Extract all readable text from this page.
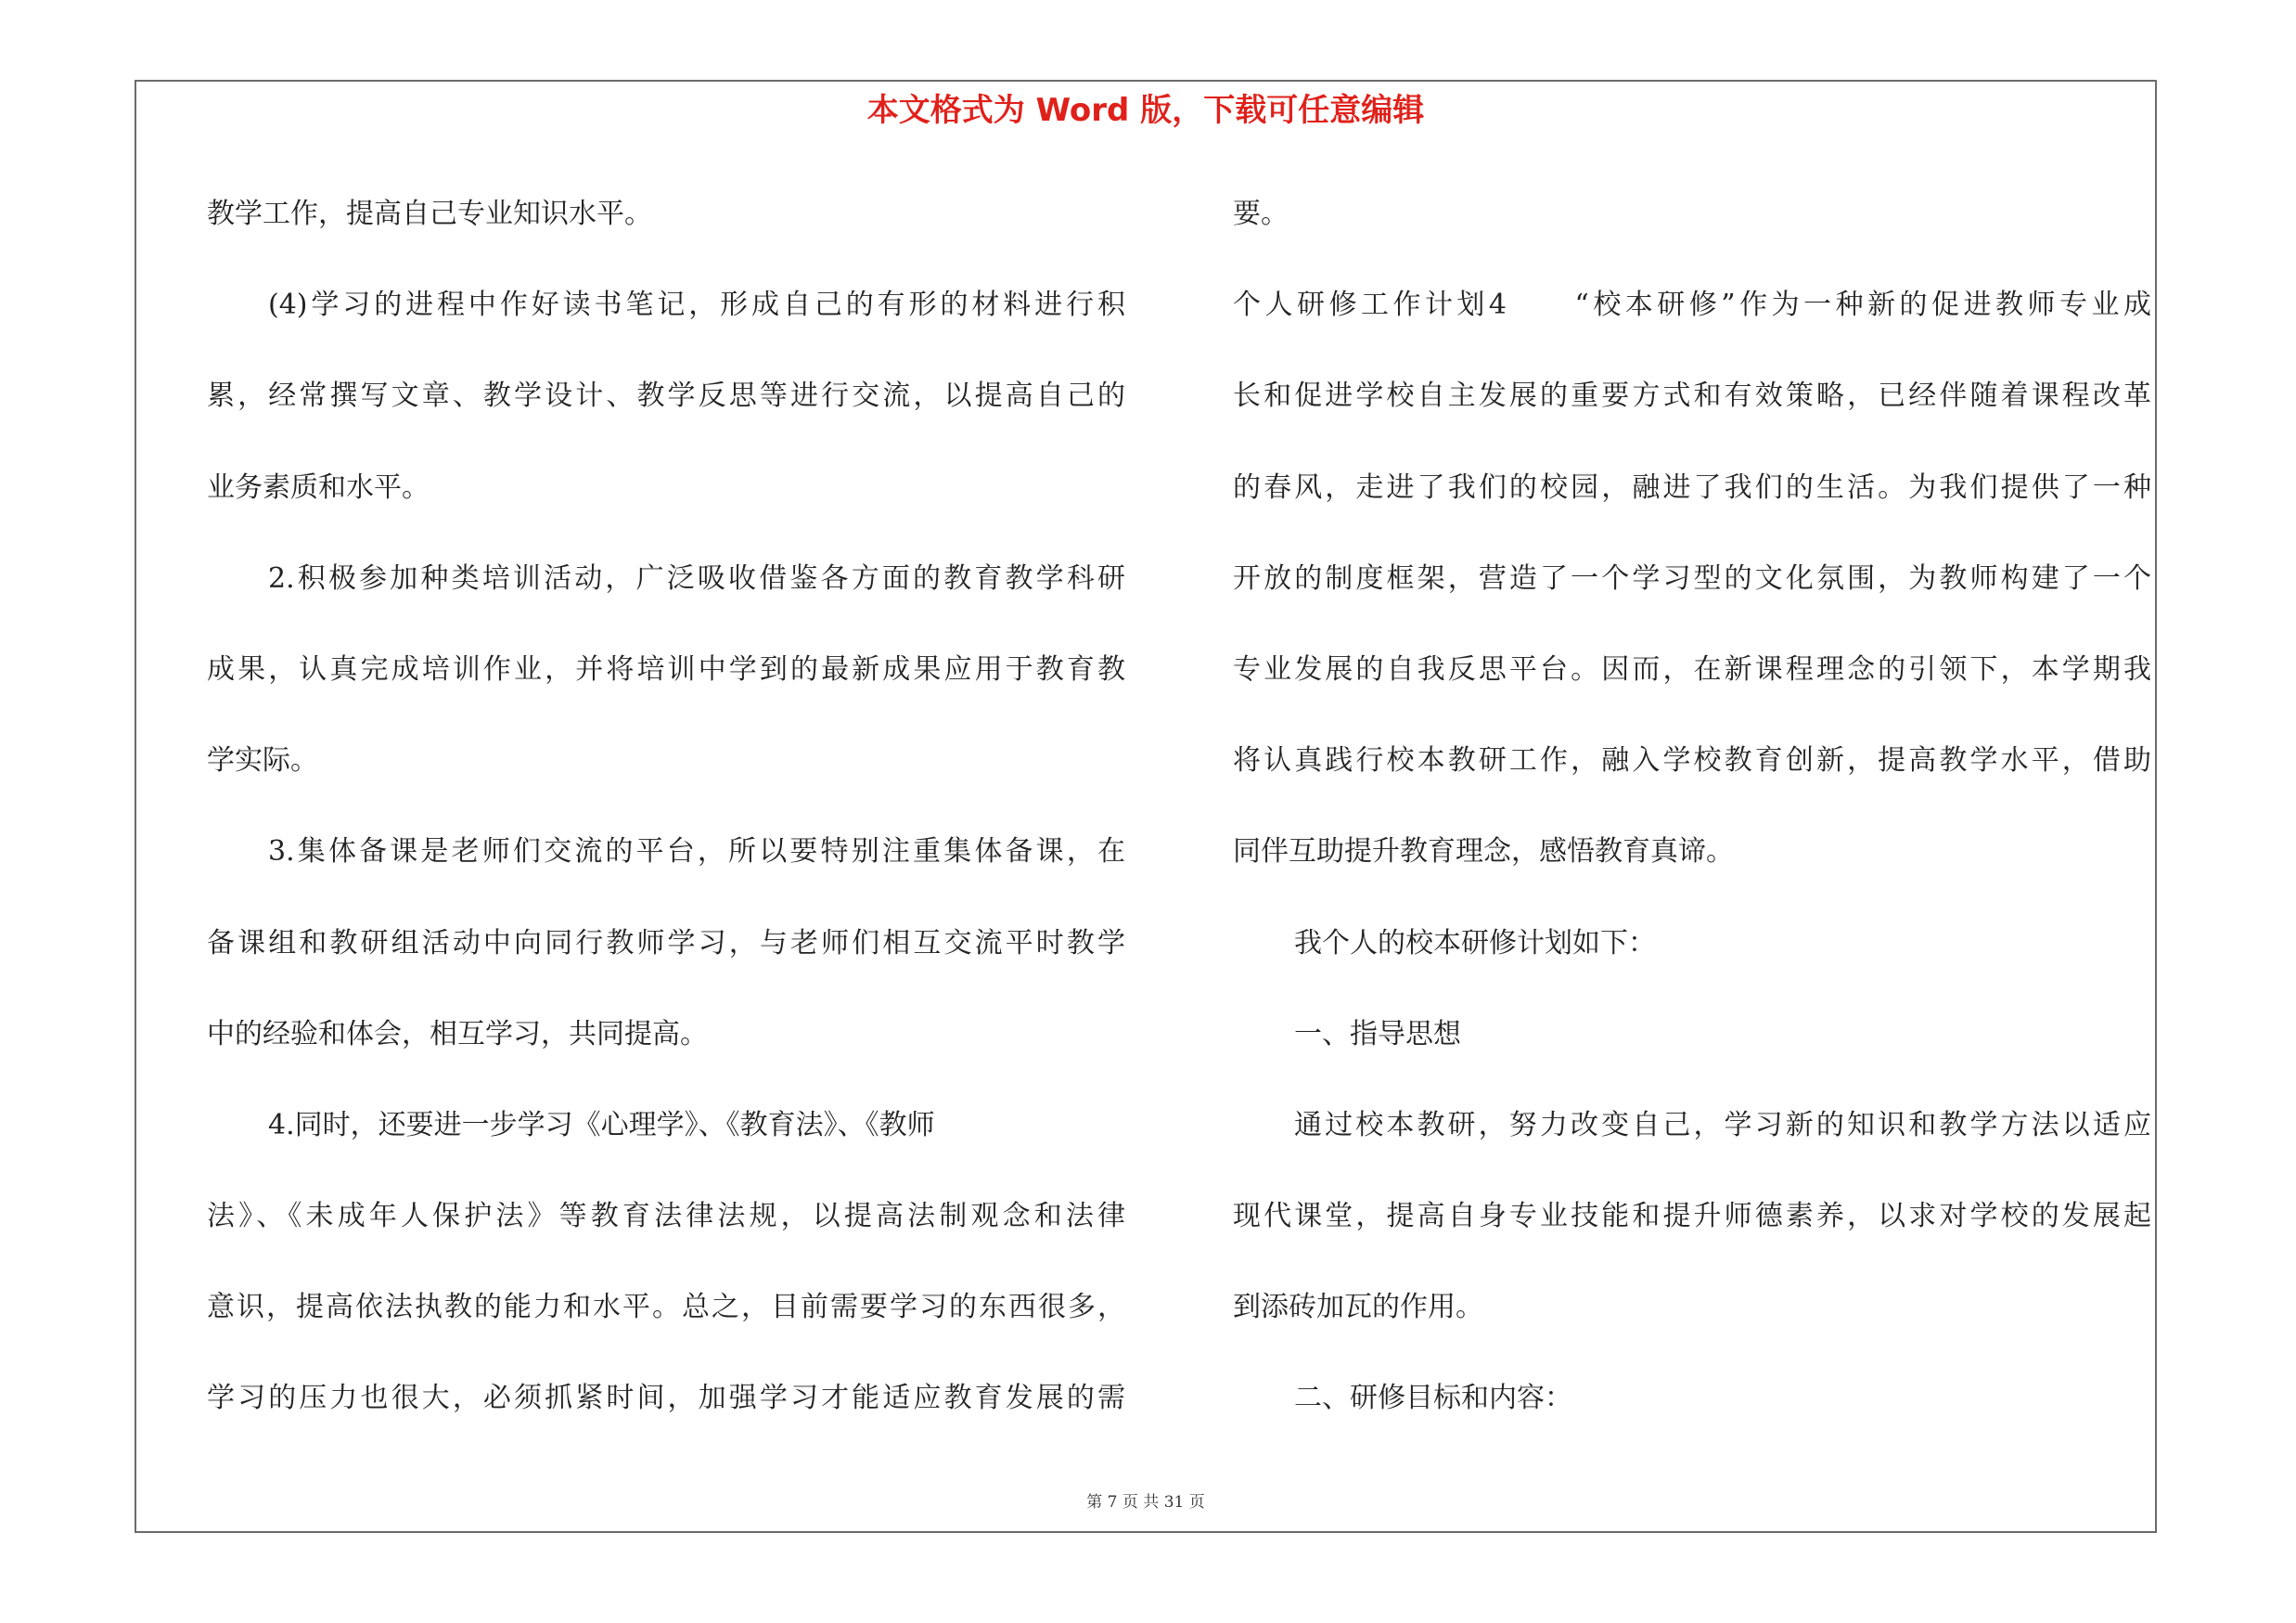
本文格式为 Word 版，下载可任意编辑
教学工作，提高自己专业知识水平。
(4)学习的进程中作好读书笔记，形成自己的有形的材料进行积
累，经常撰写文章、教学设计、教学反思等进行交流，以提高自己的
业务素质和水平。
2.积极参加种类培训活动，广泛吸收借鉴各方面的教育教学科研
成果，认真完成培训作业，并将培训中学到的最新成果应用于教育教
学实际。
3.集体备课是老师们交流的平台，所以要特别注重集体备课，在
备课组和教研组活动中向同行教师学习，与老师们相互交流平时教学
中的经验和体会，相互学习，共同提高。
4.同时，还要进一步学习《心理学》、《教育法》、《教师
法》、《未成年人保护法》等教育法律法规，以提高法制观念和法律
意识，提高依法执教的能力和水平。总之，目前需要学习的东西很多，
学习的压力也很大，必须抓紧时间，加强学习才能适应教育发展的需
要。
个人研修工作计划4　　“校本研修”作为一种新的促进教师专业成
长和促进学校自主发展的重要方式和有效策略，已经伴随着课程改革
的春风，走进了我们的校园，融进了我们的生活。为我们提供了一种
开放的制度框架，营造了一个学习型的文化氛围，为教师构建了一个
专业发展的自我反思平台。因而，在新课程理念的引领下，本学期我
将认真践行校本教研工作，融入学校教育创新，提高教学水平，借助
同伴互助提升教育理念，感悟教育真谛。
我个人的校本研修计划如下：
一、指导思想
通过校本教研，努力改变自己，学习新的知识和教学方法以适应
现代课堂，提高自身专业技能和提升师德素养，以求对学校的发展起
到添砖加瓦的作用。
二、研修目标和内容：
第 7 页 共 31 页
